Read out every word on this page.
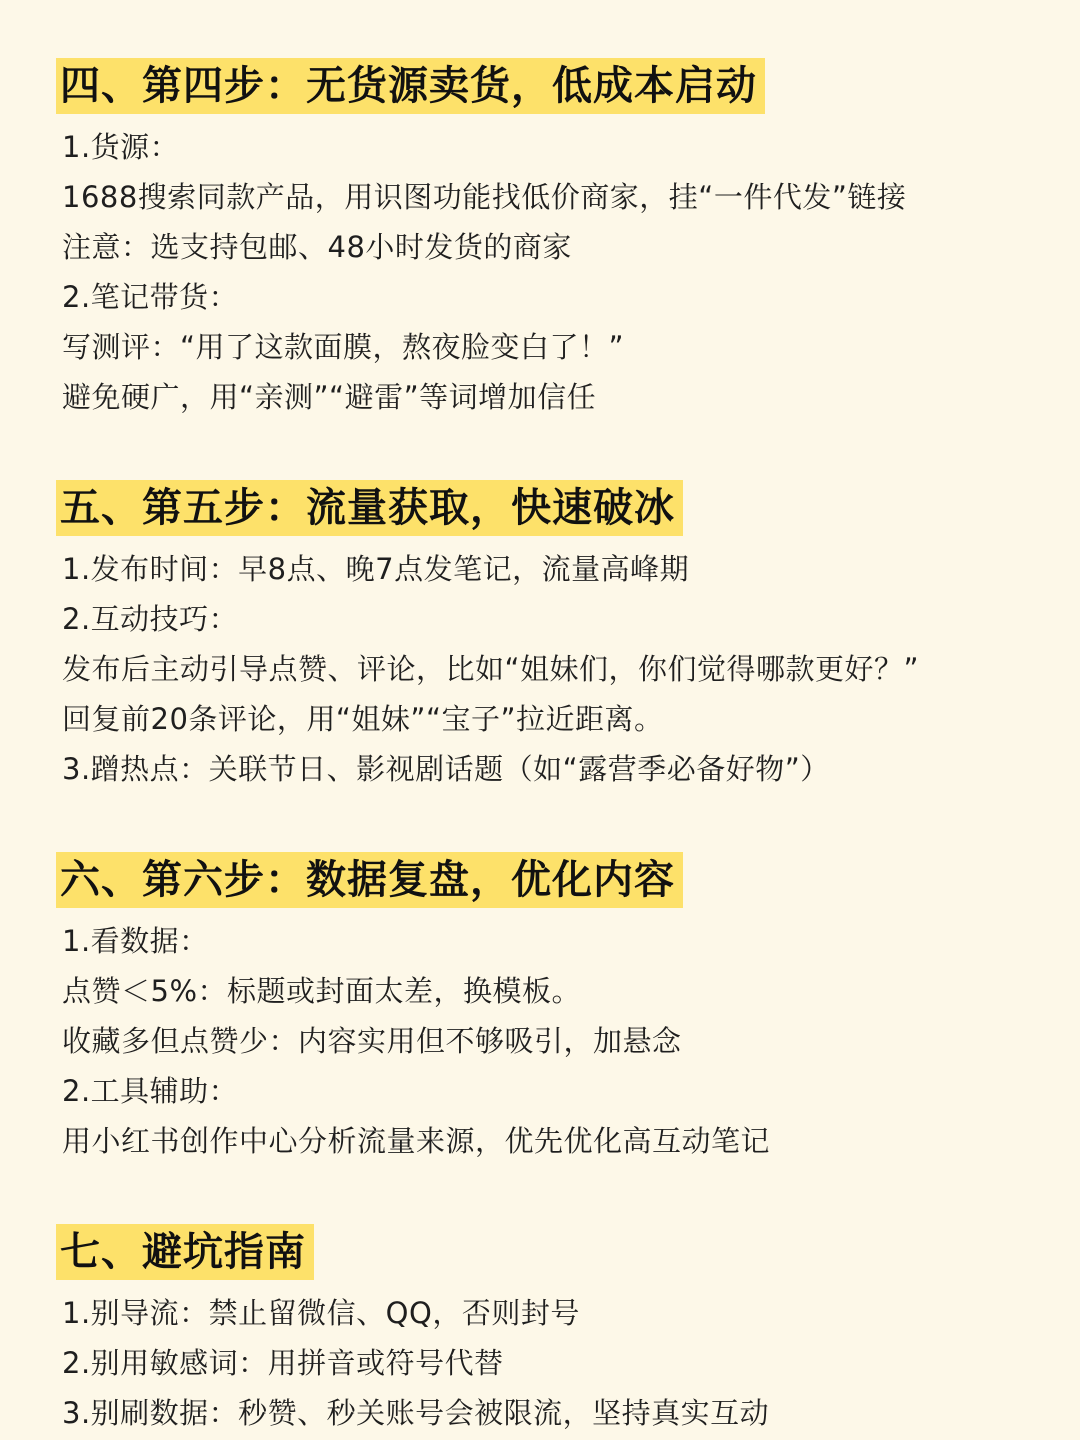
四、第四步：无货源卖货，低成本启动
1.货源：
1688搜索同款产品，用识图功能找低价商家，挂“一件代发”链接
注意：选支持包邮、48小时发货的商家
2.笔记带货：
写测评：“用了这款面膜，熬夜脸变白了！”
避免硬广，用“亲测”“避雷”等词增加信任
五、第五步：流量获取，快速破冰
1.发布时间：早8点、晚7点发笔记，流量高峰期
2.互动技巧：
发布后主动引导点赞、评论，比如“姐妹们，你们觉得哪款更好？”
回复前20条评论，用“姐妹”“宝子”拉近距离。
3.蹭热点：关联节日、影视剧话题（如“露营季必备好物”）
六、第六步：数据复盘，优化内容
1.看数据：
点赞＜5%：标题或封面太差，换模板。
收藏多但点赞少：内容实用但不够吸引，加悬念
2.工具辅助：
用小红书创作中心分析流量来源，优先优化高互动笔记
七、避坑指南
1.别导流：禁止留微信、QQ，否则封号
2.别用敏感词：用拼音或符号代替
3.别刷数据：秒赞、秒关账号会被限流，坚持真实互动
